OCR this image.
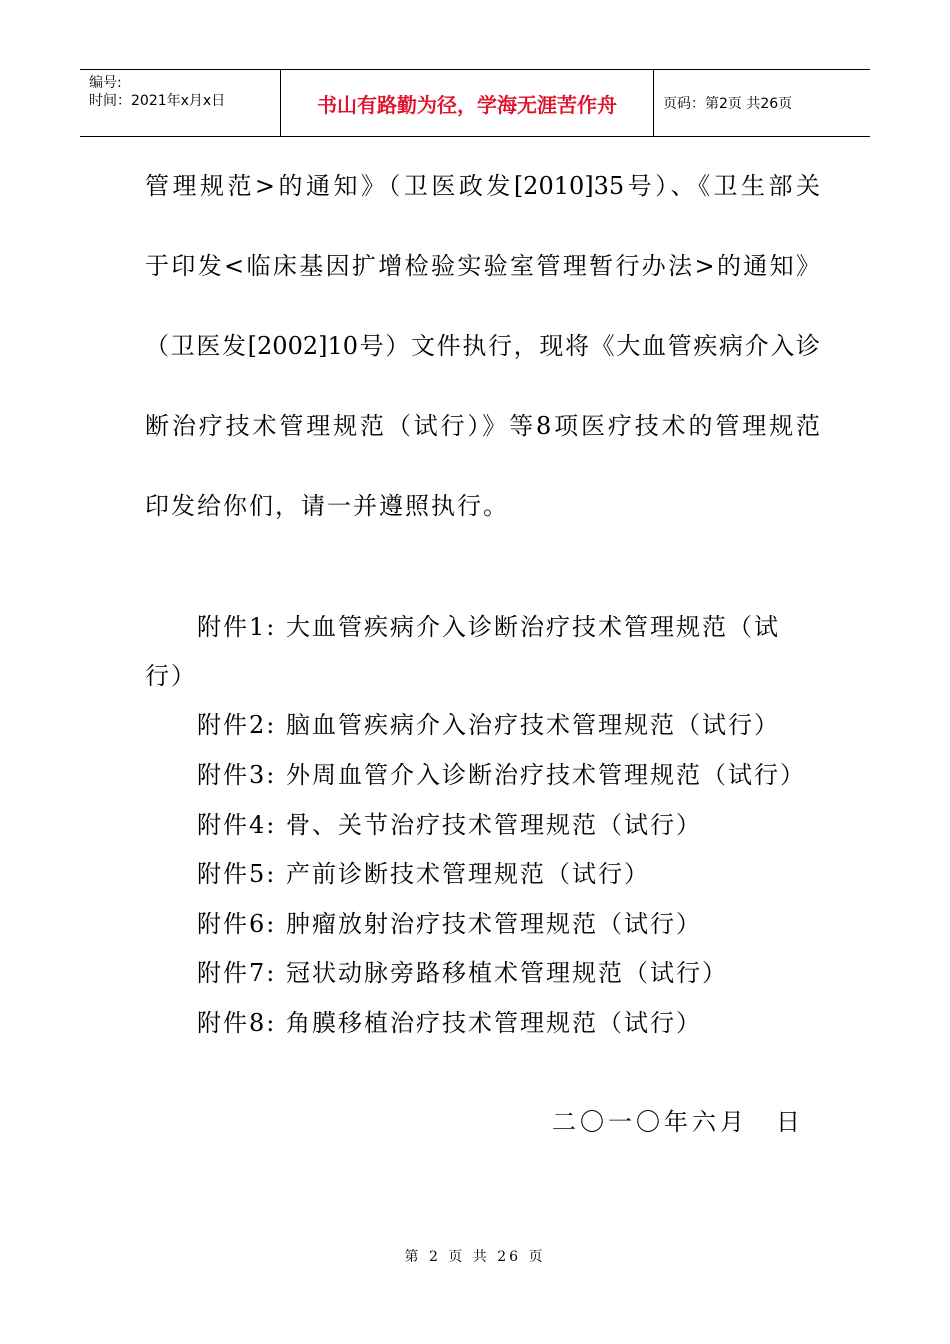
编号:
时间：2021年x月x日	书山有路勤为径，学海无涯苦作舟	页码：第2页 共26页
管理规范>的通知》（卫医政发[2010]35号）、《卫生部关
于印发<临床基因扩增检验实验室管理暂行办法>的通知》
（卫医发[2002]10号）文件执行，现将《大血管疾病介入诊
断治疗技术管理规范（试行）》等8项医疗技术的管理规范
印发给你们，请一并遵照执行。
附件1: 大血管疾病介入诊断治疗技术管理规范（试
行）
附件2: 脑血管疾病介入治疗技术管理规范（试行）
附件3: 外周血管介入诊断治疗技术管理规范（试行）
附件4: 骨、关节治疗技术管理规范（试行）
附件5: 产前诊断技术管理规范（试行）
附件6: 肿瘤放射治疗技术管理规范（试行）
附件7: 冠状动脉旁路移植术管理规范（试行）
附件8: 角膜移植治疗技术管理规范（试行）
二〇一〇年六月　日
第 2 页 共 26 页
